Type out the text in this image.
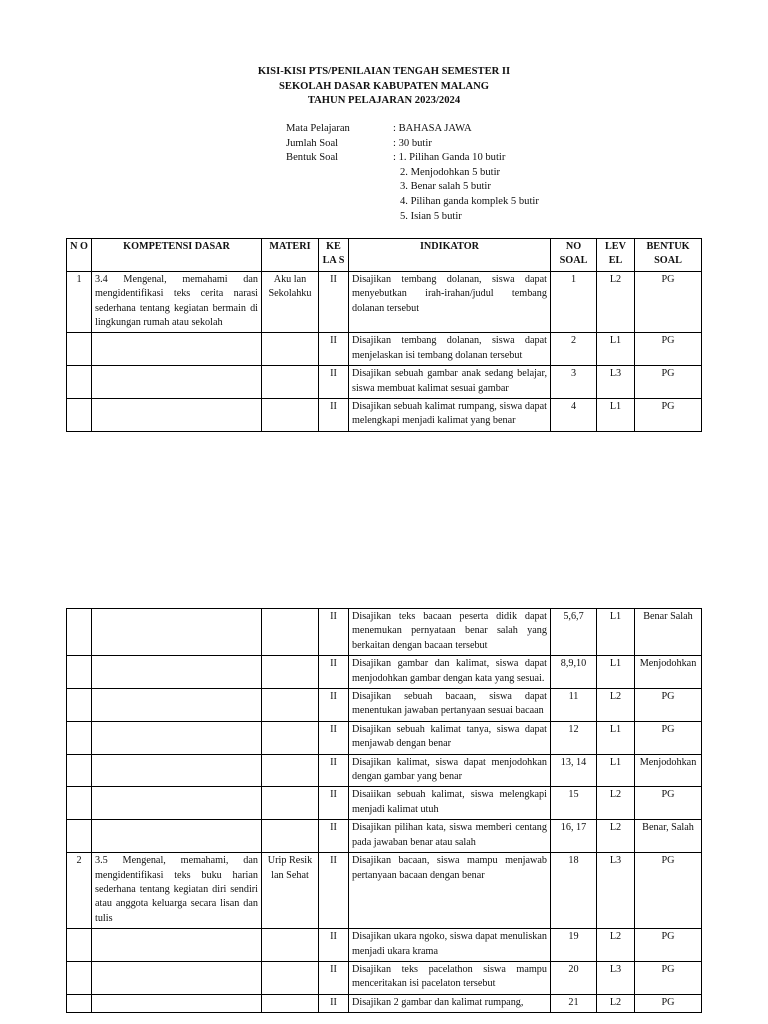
KISI-KISI PTS/PENILAIAN TENGAH SEMESTER II
SEKOLAH DASAR KABUPATEN MALANG
TAHUN PELAJARAN 2023/2024
Mata Pelajaran	: BAHASA JAWA
Jumlah Soal	: 30 butir
Bentuk Soal	: 1. Pilihan Ganda 10 butir
2. Menjodohkan 5 butir
3. Benar salah 5 butir
4. Pilihan ganda komplek 5 butir
5. Isian 5 butir
N O	KOMPETENSI DASAR	MATERI	KE LA S	INDIKATOR	NO SOAL	LEV EL	BENTUK SOAL
1	3.4 Mengenal, memahami dan mengidentifikasi teks cerita narasi sederhana tentang kegiatan bermain di lingkungan rumah atau sekolah	Aku lan Sekolahku	II	Disajikan tembang dolanan, siswa dapat menyebutkan irah-irahan/judul tembang dolanan tersebut	1	L2	PG
			II	Disajikan tembang dolanan, siswa dapat menjelaskan isi tembang dolanan tersebut	2	L1	PG
			II	Disajikan sebuah gambar anak sedang belajar, siswa membuat kalimat sesuai gambar	3	L3	PG
			II	Disajikan sebuah kalimat rumpang, siswa dapat melengkapi menjadi kalimat yang benar	4	L1	PG
			II	Disajikan teks bacaan peserta didik dapat menemukan pernyataan benar salah yang berkaitan dengan bacaan tersebut	5,6,7	L1	Benar Salah
			II	Disajikan gambar dan kalimat, siswa dapat menjodohkan gambar dengan kata yang sesuai.	8,9,10	L1	Menjodohkan
			II	Disajikan sebuah bacaan, siswa dapat menentukan jawaban pertanyaan sesuai bacaan	11	L2	PG
			II	Disajikan sebuah kalimat tanya, siswa dapat menjawab dengan benar	12	L1	PG
			II	Disajikan kalimat, siswa dapat menjodohkan dengan gambar yang benar	13, 14	L1	Menjodohkan
			II	Disaiikan sebuah kalimat, siswa melengkapi menjadi kalimat utuh	15	L2	PG
			II	Disajikan pilihan kata, siswa memberi centang pada jawaban benar atau salah	16, 17	L2	Benar, Salah
2	3.5 Mengenal, memahami, dan mengidentifikasi teks buku harian sederhana tentang kegiatan diri sendiri atau anggota keluarga secara lisan dan tulis	Urip Resik lan Sehat	II	Disajikan bacaan, siswa mampu menjawab pertanyaan bacaan dengan benar	18	L3	PG
			II	Disajikan ukara ngoko, siswa dapat menuliskan menjadi ukara krama	19	L2	PG
			II	Disajikan teks pacelathon siswa mampu menceritakan isi pacelaton tersebut	20	L3	PG
			II	Disajikan 2 gambar dan kalimat rumpang,	21	L2	PG
